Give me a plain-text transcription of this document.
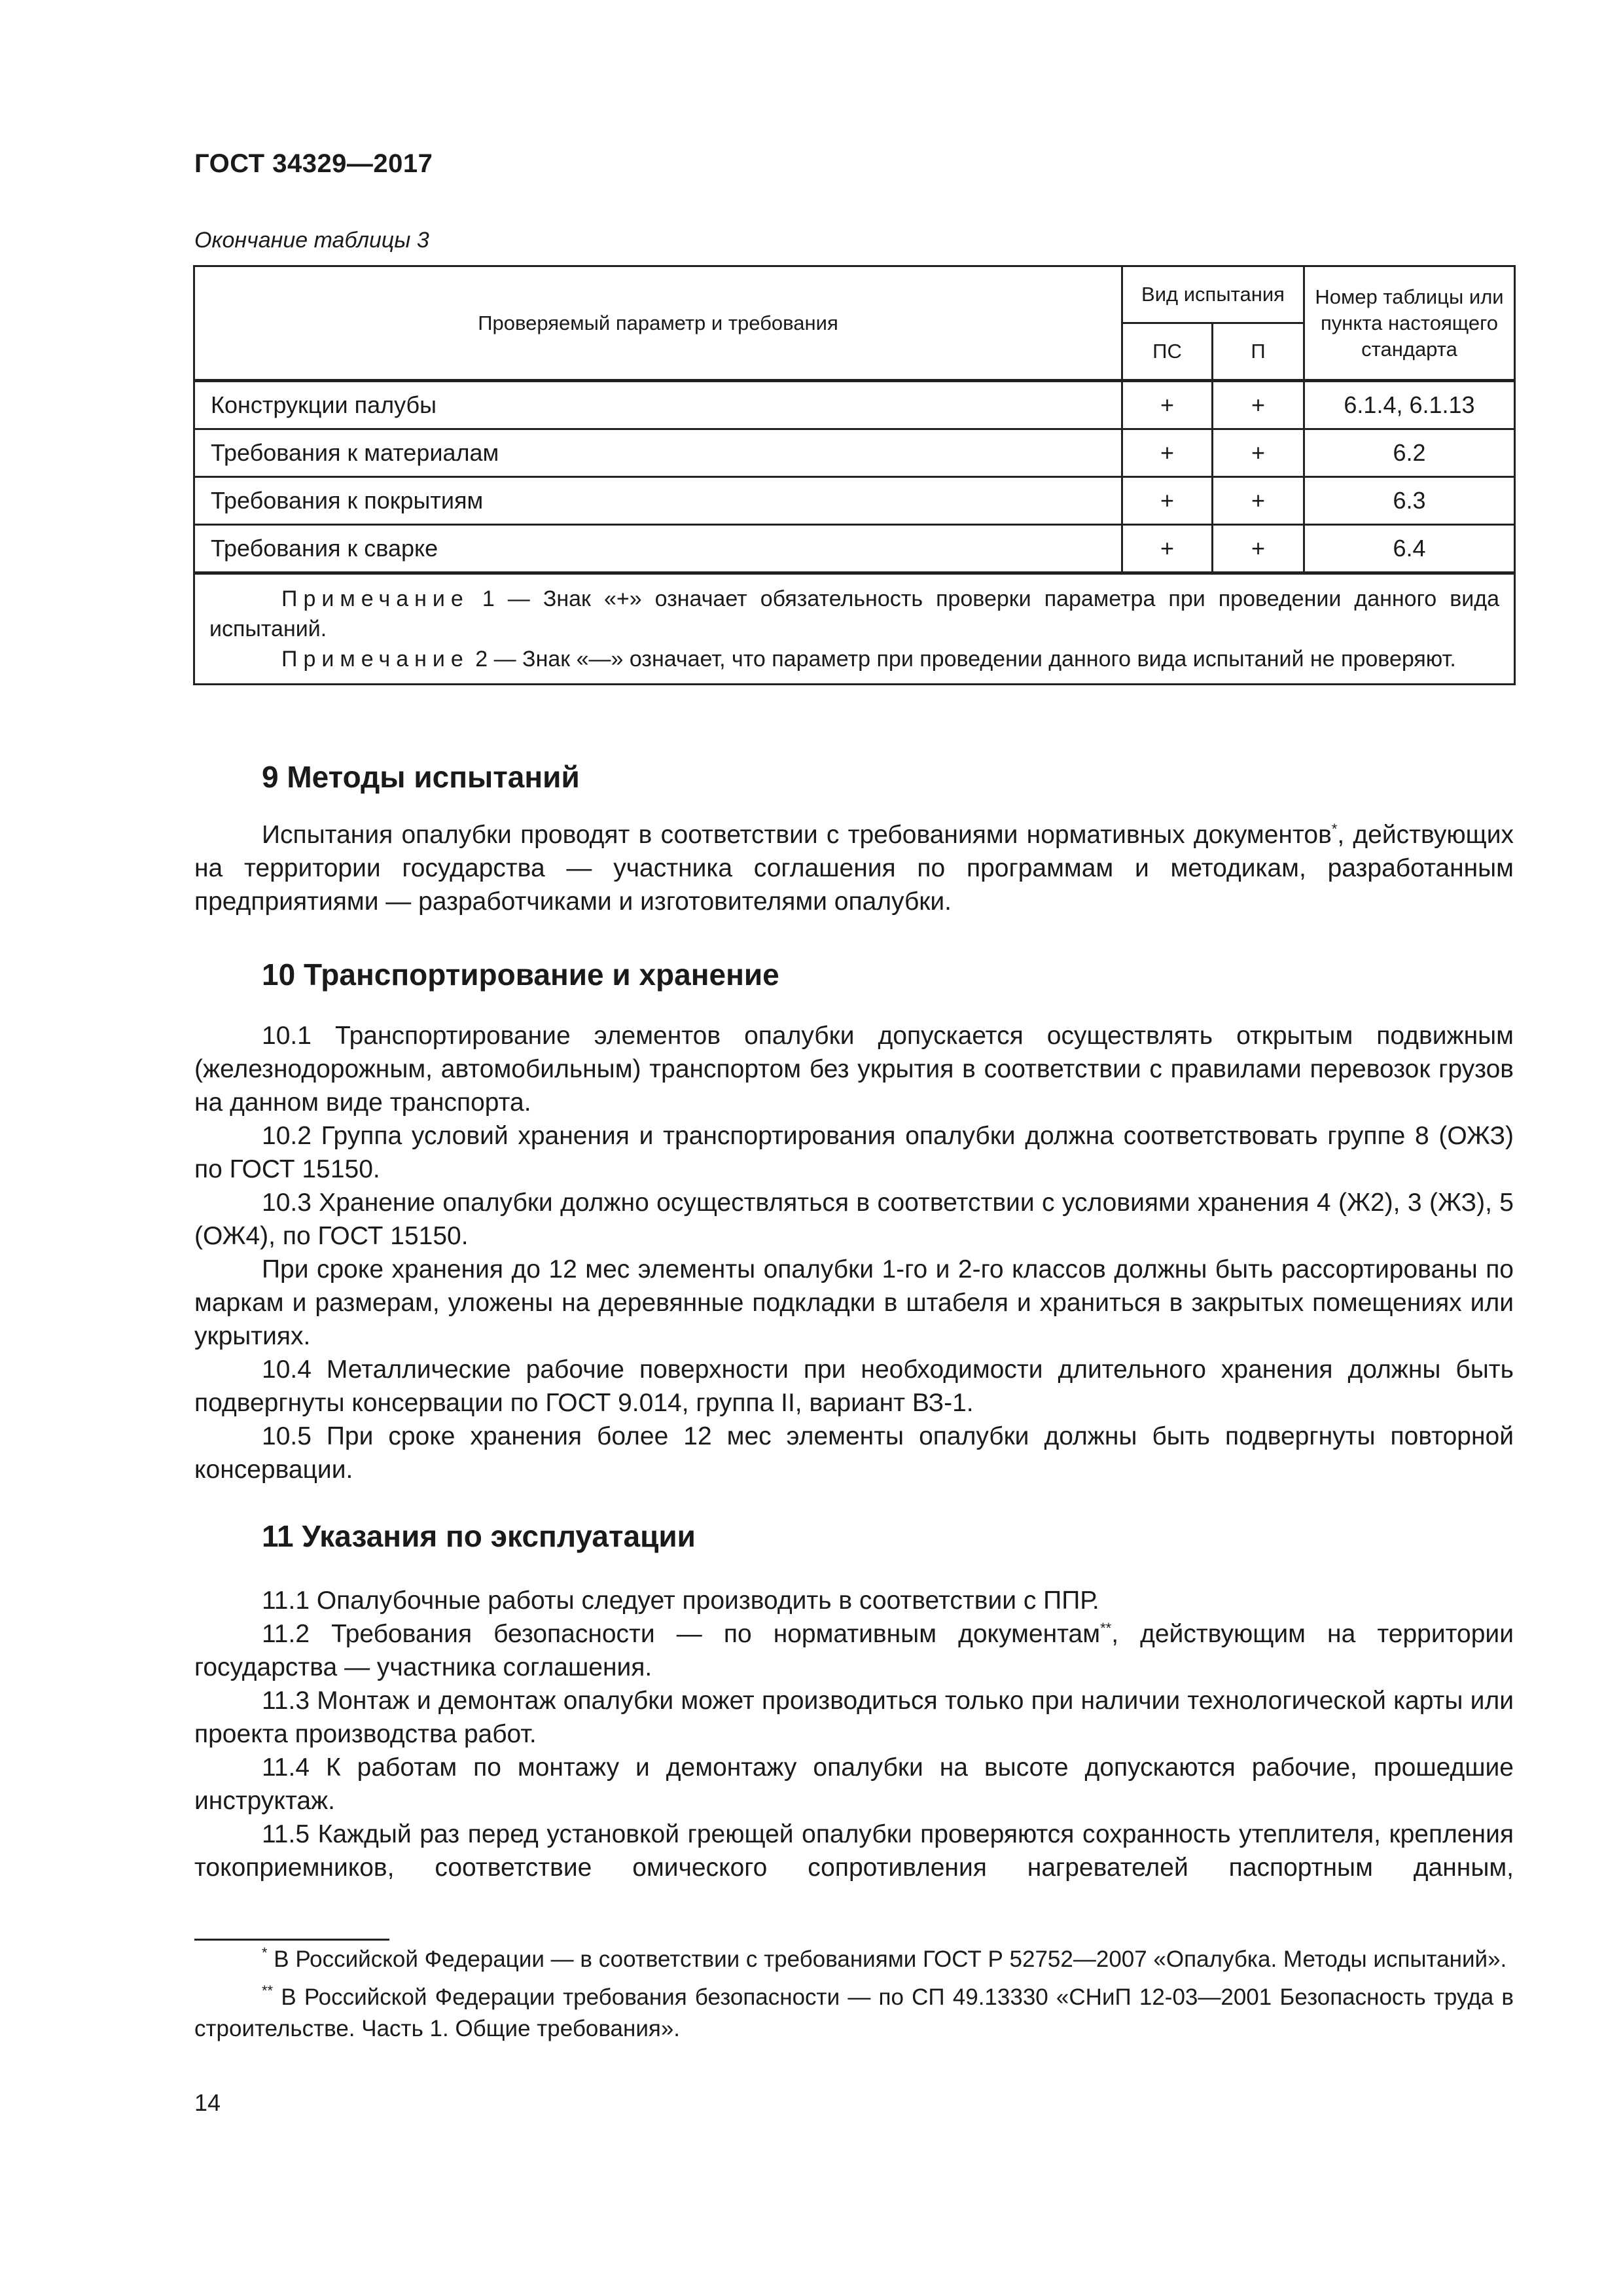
ГОСТ 34329—2017
Окончание таблицы 3
Проверяемый параметр и требования	Вид испытания		Номер таблицы или пункта настоящего стандарта
	ПС	П	
Конструкции палубы	+	+	6.1.4, 6.1.13
Требования к материалам	+	+	6.2
Требования к покрытиям	+	+	6.3
Требования к сварке	+	+	6.4

Примечание 1 — Знак «+» означает обязательность проверки параметра при проведении данного вида испытаний.
Примечание 2 — Знак «—» означает, что параметр при проведении данного вида испытаний не проверяют.			
9 Методы испытаний

Испытания опалубки проводят в соответствии с требованиями нормативных документов*, действующих на территории государства — участника соглашения по программам и методикам, разработанным предприятиями — разработчиками и изготовителями опалубки.

10 Транспортирование и хранение

10.1 Транспортирование элементов опалубки допускается осуществлять открытым подвижным (железнодорожным, автомобильным) транспортом без укрытия в соответствии с правилами перевозок грузов на данном виде транспорта.

10.2 Группа условий хранения и транспортирования опалубки должна соответствовать группе 8 (ОЖЗ) по ГОСТ 15150.

10.3 Хранение опалубки должно осуществляться в соответствии с условиями хранения 4 (Ж2), 3 (ЖЗ), 5 (ОЖ4), по ГОСТ 15150.

При сроке хранения до 12 мес элементы опалубки 1-го и 2-го классов должны быть рассортированы по маркам и размерам, уложены на деревянные подкладки в штабеля и храниться в закрытых помещениях или укрытиях.

10.4 Металлические рабочие поверхности при необходимости длительного хранения должны быть подвергнуты консервации по ГОСТ 9.014, группа II, вариант ВЗ-1.

10.5 При сроке хранения более 12 мес элементы опалубки должны быть подвергнуты повторной консервации.

11 Указания по эксплуатации

11.1 Опалубочные работы следует производить в соответствии с ППР.

11.2 Требования безопасности — по нормативным документам**, действующим на территории государства — участника соглашения.

11.3 Монтаж и демонтаж опалубки может производиться только при наличии технологической карты или проекта производства работ.

11.4 К работам по монтажу и демонтажу опалубки на высоте допускаются рабочие, прошедшие инструктаж.

11.5 Каждый раз перед установкой греющей опалубки проверяются сохранность утеплителя, крепления токоприемников, соответствие омического сопротивления нагревателей паспортным данным,

* В Российской Федерации — в соответствии с требованиями ГОСТ Р 52752—2007 «Опалубка. Методы испытаний».

** В Российской Федерации требования безопасности — по СП 49.13330 «СНиП 12-03—2001 Безопасность труда в строительстве. Часть 1. Общие требования».

14
